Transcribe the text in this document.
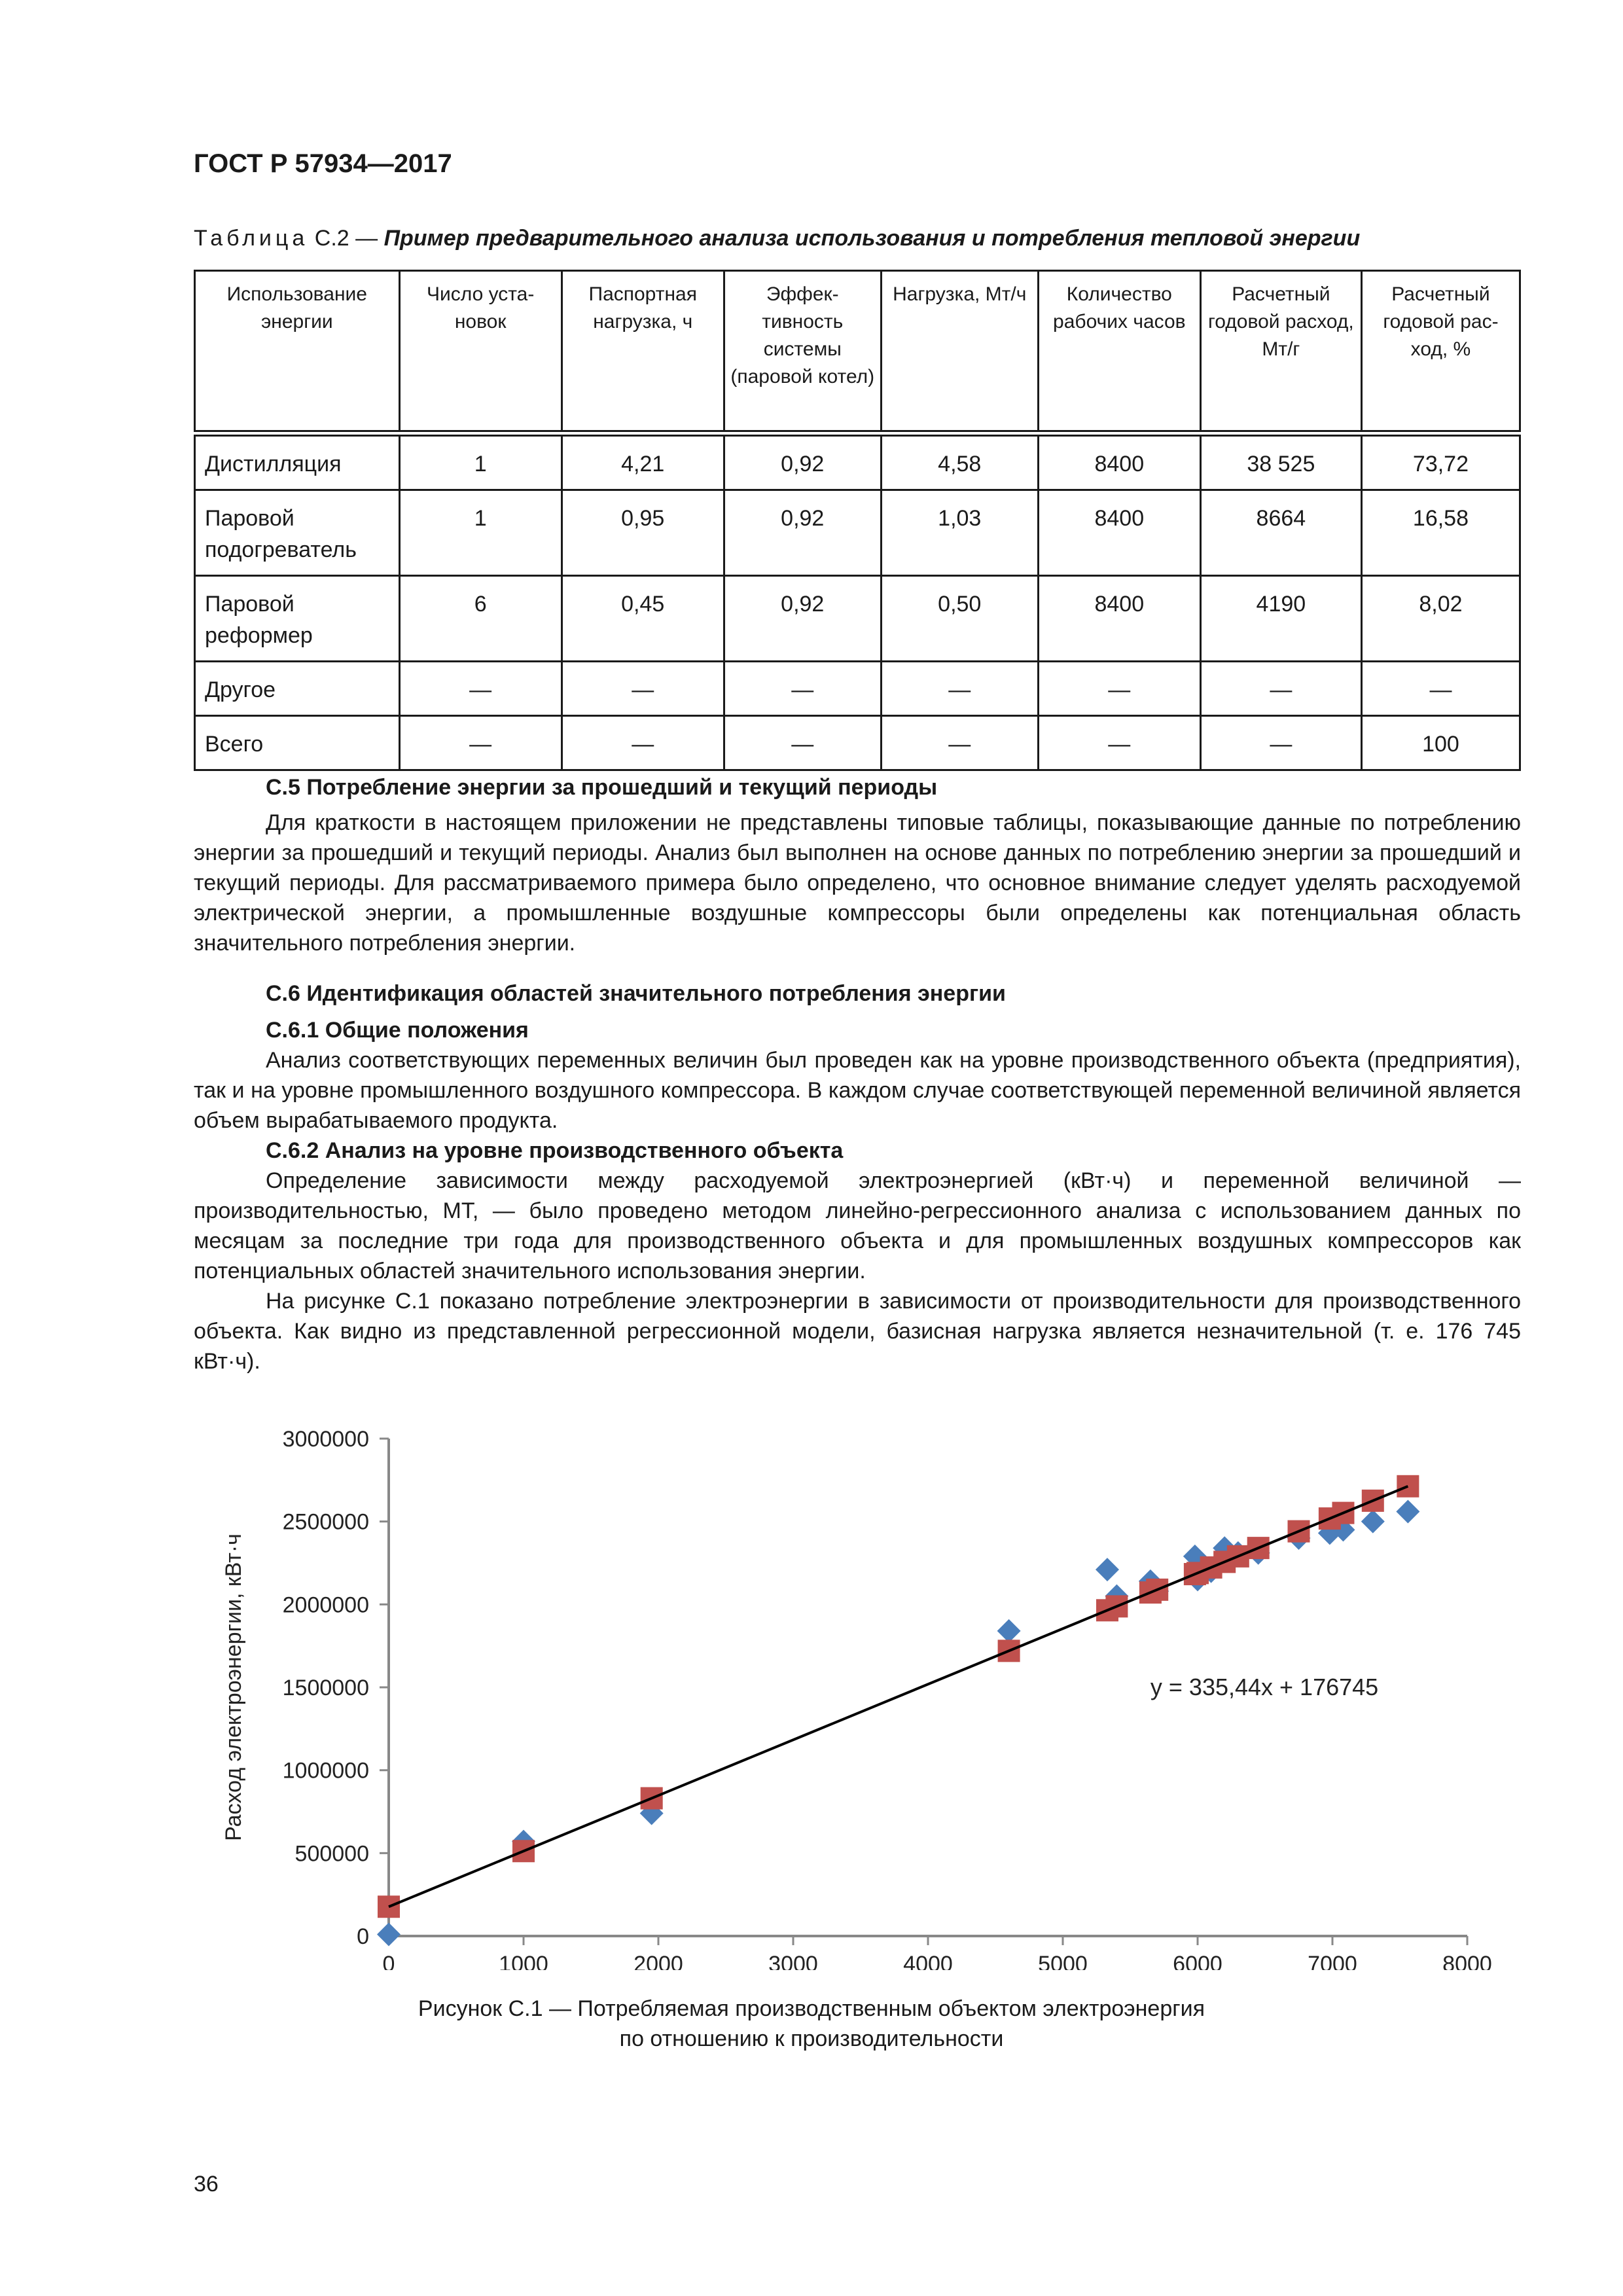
ГОСТ Р 57934—2017
Таблица С.2 — Пример предварительного анализа использования и потребления тепловой энергии
Использование энергии	Число уста-новок	Паспортная нагрузка, ч	Эффек-тивность системы (паровой котел)	Нагрузка, Мт/ч	Количество рабочих часов	Расчетный годовой расход, Мт/г	Расчетный годовой рас-ход, %
Дистилляция	1	4,21	0,92	4,58	8400	38 525	73,72
Паровой подогреватель	1	0,95	0,92	1,03	8400	8664	16,58
Паровой реформер	6	0,45	0,92	0,50	8400	4190	8,02
Другое	—	—	—	—	—	—	—
Всего	—	—	—	—	—	—	100
С.5 Потребление энергии за прошедший и текущий периоды

Для краткости в настоящем приложении не представлены типовые таблицы, показывающие данные по потреблению энергии за прошедший и текущий периоды. Анализ был выполнен на основе данных по потреблению энергии за прошедший и текущий периоды. Для рассматриваемого примера было определено, что основное внимание следует уделять расходуемой электрической энергии, а промышленные воздушные компрессоры были определены как потенциальная область значительного потребления энергии.

С.6 Идентификация областей значительного потребления энергии
С.6.1 Общие положения

Анализ соответствующих переменных величин был проведен как на уровне производственного объекта (предприятия), так и на уровне промышленного воздушного компрессора. В каждом случае соответствующей переменной величиной является объем вырабатываемого продукта.

С.6.2 Анализ на уровне производственного объекта

Определение зависимости между расходуемой электроэнергией (кВт·ч) и переменной величиной — производительностью, МТ, — было проведено методом линейно-регрессионного анализа с использованием данных по месяцам за последние три года для производственного объекта и для промышленных воздушных компрессоров как потенциальных областей значительного использования энергии.

На рисунке С.1 показано потребление электроэнергии в зависимости от производительности для производственного объекта. Как видно из представленной регрессионной модели, базисная нагрузка является незначительной (т. е. 176 745 кВт·ч).

0	1000	2000	3000	4000	5000	6000	7000	8000
0
500000
1000000
1500000
2000000
2500000
3000000
Расход электроэнергии, кВт·ч	y = 335,44x + 176745
Рисунок С.1 — Потребляемая производственным объектом электроэнергия
по отношению к производительности
36
